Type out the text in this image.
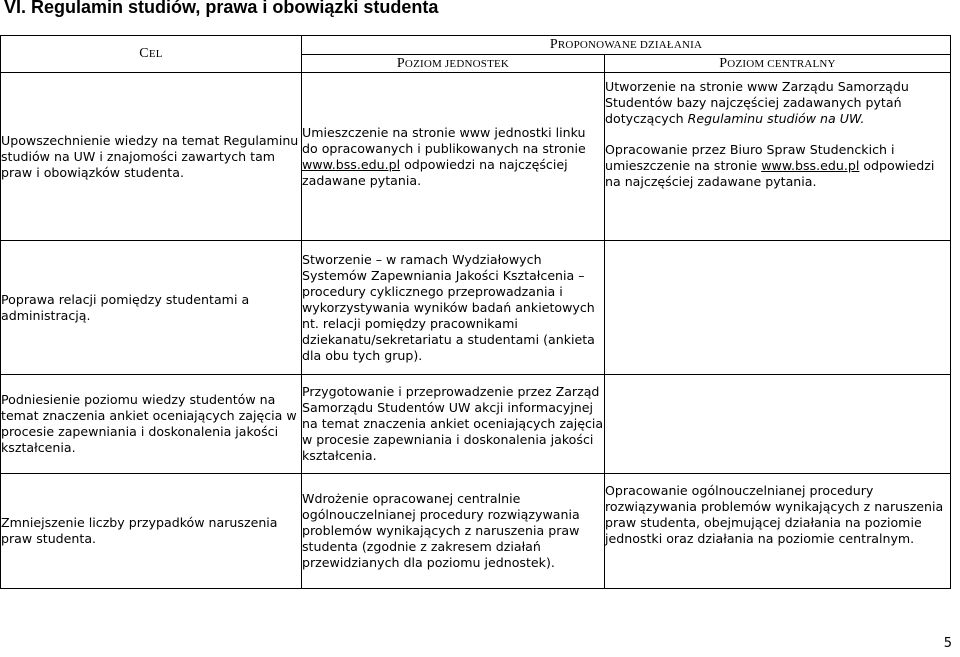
VI. Regulamin studiów, prawa i obowiązki studenta
CEL	PROPONOWANE DZIAŁANIA	
	POZIOM JEDNOSTEK	POZIOM CENTRALNY

Upowszechnienie wiedzy na temat Regulaminu studiów na UW i znajomości zawartych tam praw i obowiązków studenta.	Umieszczenie na stronie www jednostki linku do opracowanych i publikowanych na stronie www.bss.edu.pl odpowiedzi na najczęściej zadawane pytania.	Utworzenie na stronie www Zarządu Samorządu Studentów bazy najczęściej zadawanych pytań dotyczących Regulaminu studiów na UW.

Opracowanie przez Biuro Spraw Studenckich i umieszczenie na stronie www.bss.edu.pl odpowiedzi na najczęściej zadawane pytania.

Poprawa relacji pomiędzy studentami a administracją.	Stworzenie – w ramach Wydziałowych Systemów Zapewniania Jakości Kształcenia – procedury cyklicznego przeprowadzania i wykorzystywania wyników badań ankietowych nt. relacji pomiędzy pracownikami dziekanatu/sekretariatu a studentami (ankieta dla obu tych grup).	

Podniesienie poziomu wiedzy studentów na temat znaczenia ankiet oceniających zajęcia w procesie zapewniania i doskonalenia jakości kształcenia.	Przygotowanie i przeprowadzenie przez Zarząd Samorządu Studentów UW akcji informacyjnej na temat znaczenia ankiet oceniających zajęcia w procesie zapewniania i doskonalenia jakości kształcenia.	

Zmniejszenie liczby przypadków naruszenia praw studenta.	Wdrożenie opracowanej centralnie ogólnouczelnianej procedury rozwiązywania problemów wynikających z naruszenia praw studenta (zgodnie z zakresem działań przewidzianych dla poziomu jednostek).	Opracowanie ogólnouczelnianej procedury rozwiązywania problemów wynikających z naruszenia praw studenta, obejmującej działania na poziomie jednostki oraz działania na poziomie centralnym.

5
